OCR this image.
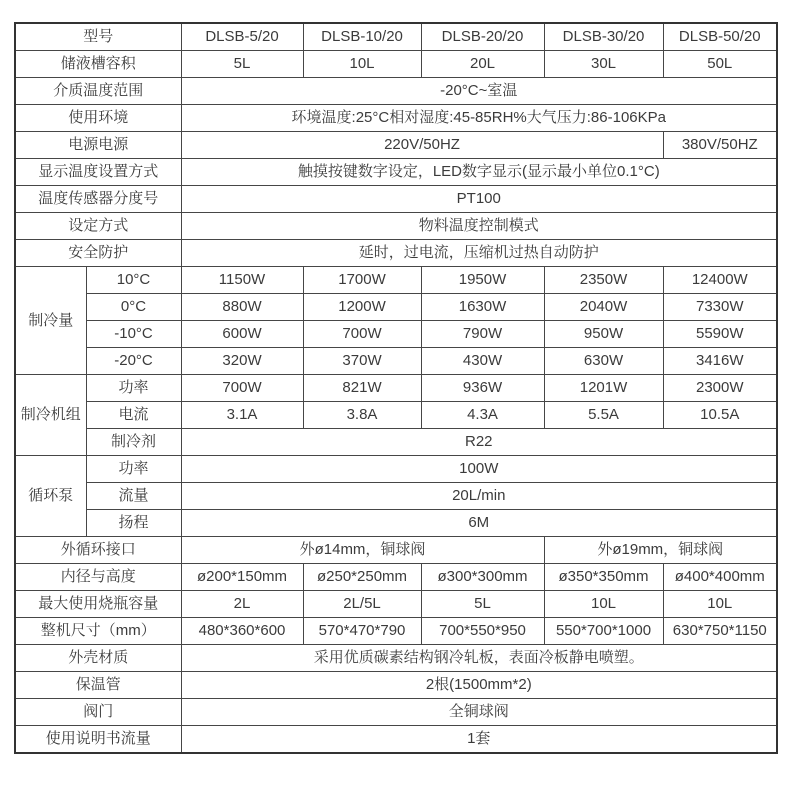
型号		DLSB-5/20	DLSB-10/20	DLSB-20/20	DLSB-30/20	DLSB-50/20
储液槽容积		5L	10L	20L	30L	50L
介质温度范围		-20°C~室温				
使用环境		环境温度:25°C相对湿度:45-85RH%大气压力:86-106KPa				
电源电源		220V/50HZ				380V/50HZ
显示温度设置方式		触摸按键数字设定，LED数字显示(显示最小单位0.1°C)				
温度传感器分度号		PT100				
设定方式		物料温度控制模式				
安全防护		延时，过电流，压缩机过热自动防护				
制冷量	10°C	1150W	1700W	1950W	2350W	12400W
	0°C	880W	1200W	1630W	2040W	7330W
	-10°C	600W	700W	790W	950W	5590W
	-20°C	320W	370W	430W	630W	3416W
制冷机组	功率	700W	821W	936W	1201W	2300W
	电流	3.1A	3.8A	4.3A	5.5A	10.5A
	制冷剂	R22				
循环泵	功率	100W				
	流量	20L/min				
	扬程	6M				
外循环接口		外ø14mm，铜球阀			外ø19mm，铜球阀	
内径与高度		ø200*150mm	ø250*250mm	ø300*300mm	ø350*350mm	ø400*400mm
最大使用烧瓶容量		2L	2L/5L	5L	10L	10L
整机尺寸（mm）		480*360*600	570*470*790	700*550*950	550*700*1000	630*750*1150
外壳材质		采用优质碳素结构钢冷轧板，表面冷板静电喷塑。				
保温管		2根(1500mm*2)				
阀门		全铜球阀				
使用说明书流量		1套				
